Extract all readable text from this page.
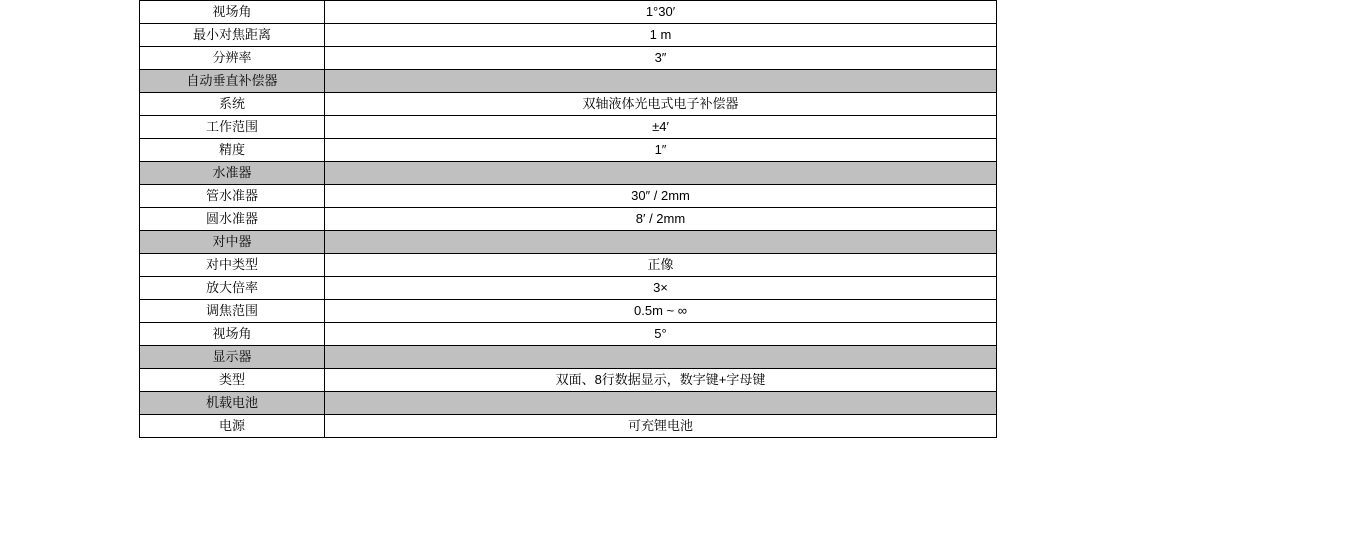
视场角	1°30′
最小对焦距离	1 m
分辨率	3″
自动垂直补偿器	
系统	双轴液体光电式电子补偿器
工作范围	±4′
精度	1″
水准器	
管水准器	30″ / 2mm
圆水准器	8′ / 2mm
对中器	
对中类型	正像
放大倍率	3×
调焦范围	0.5m ~ ∞
视场角	5°
显示器	
类型	双面、8行数据显示，数字键+字母键
机载电池	
电源	可充锂电池
